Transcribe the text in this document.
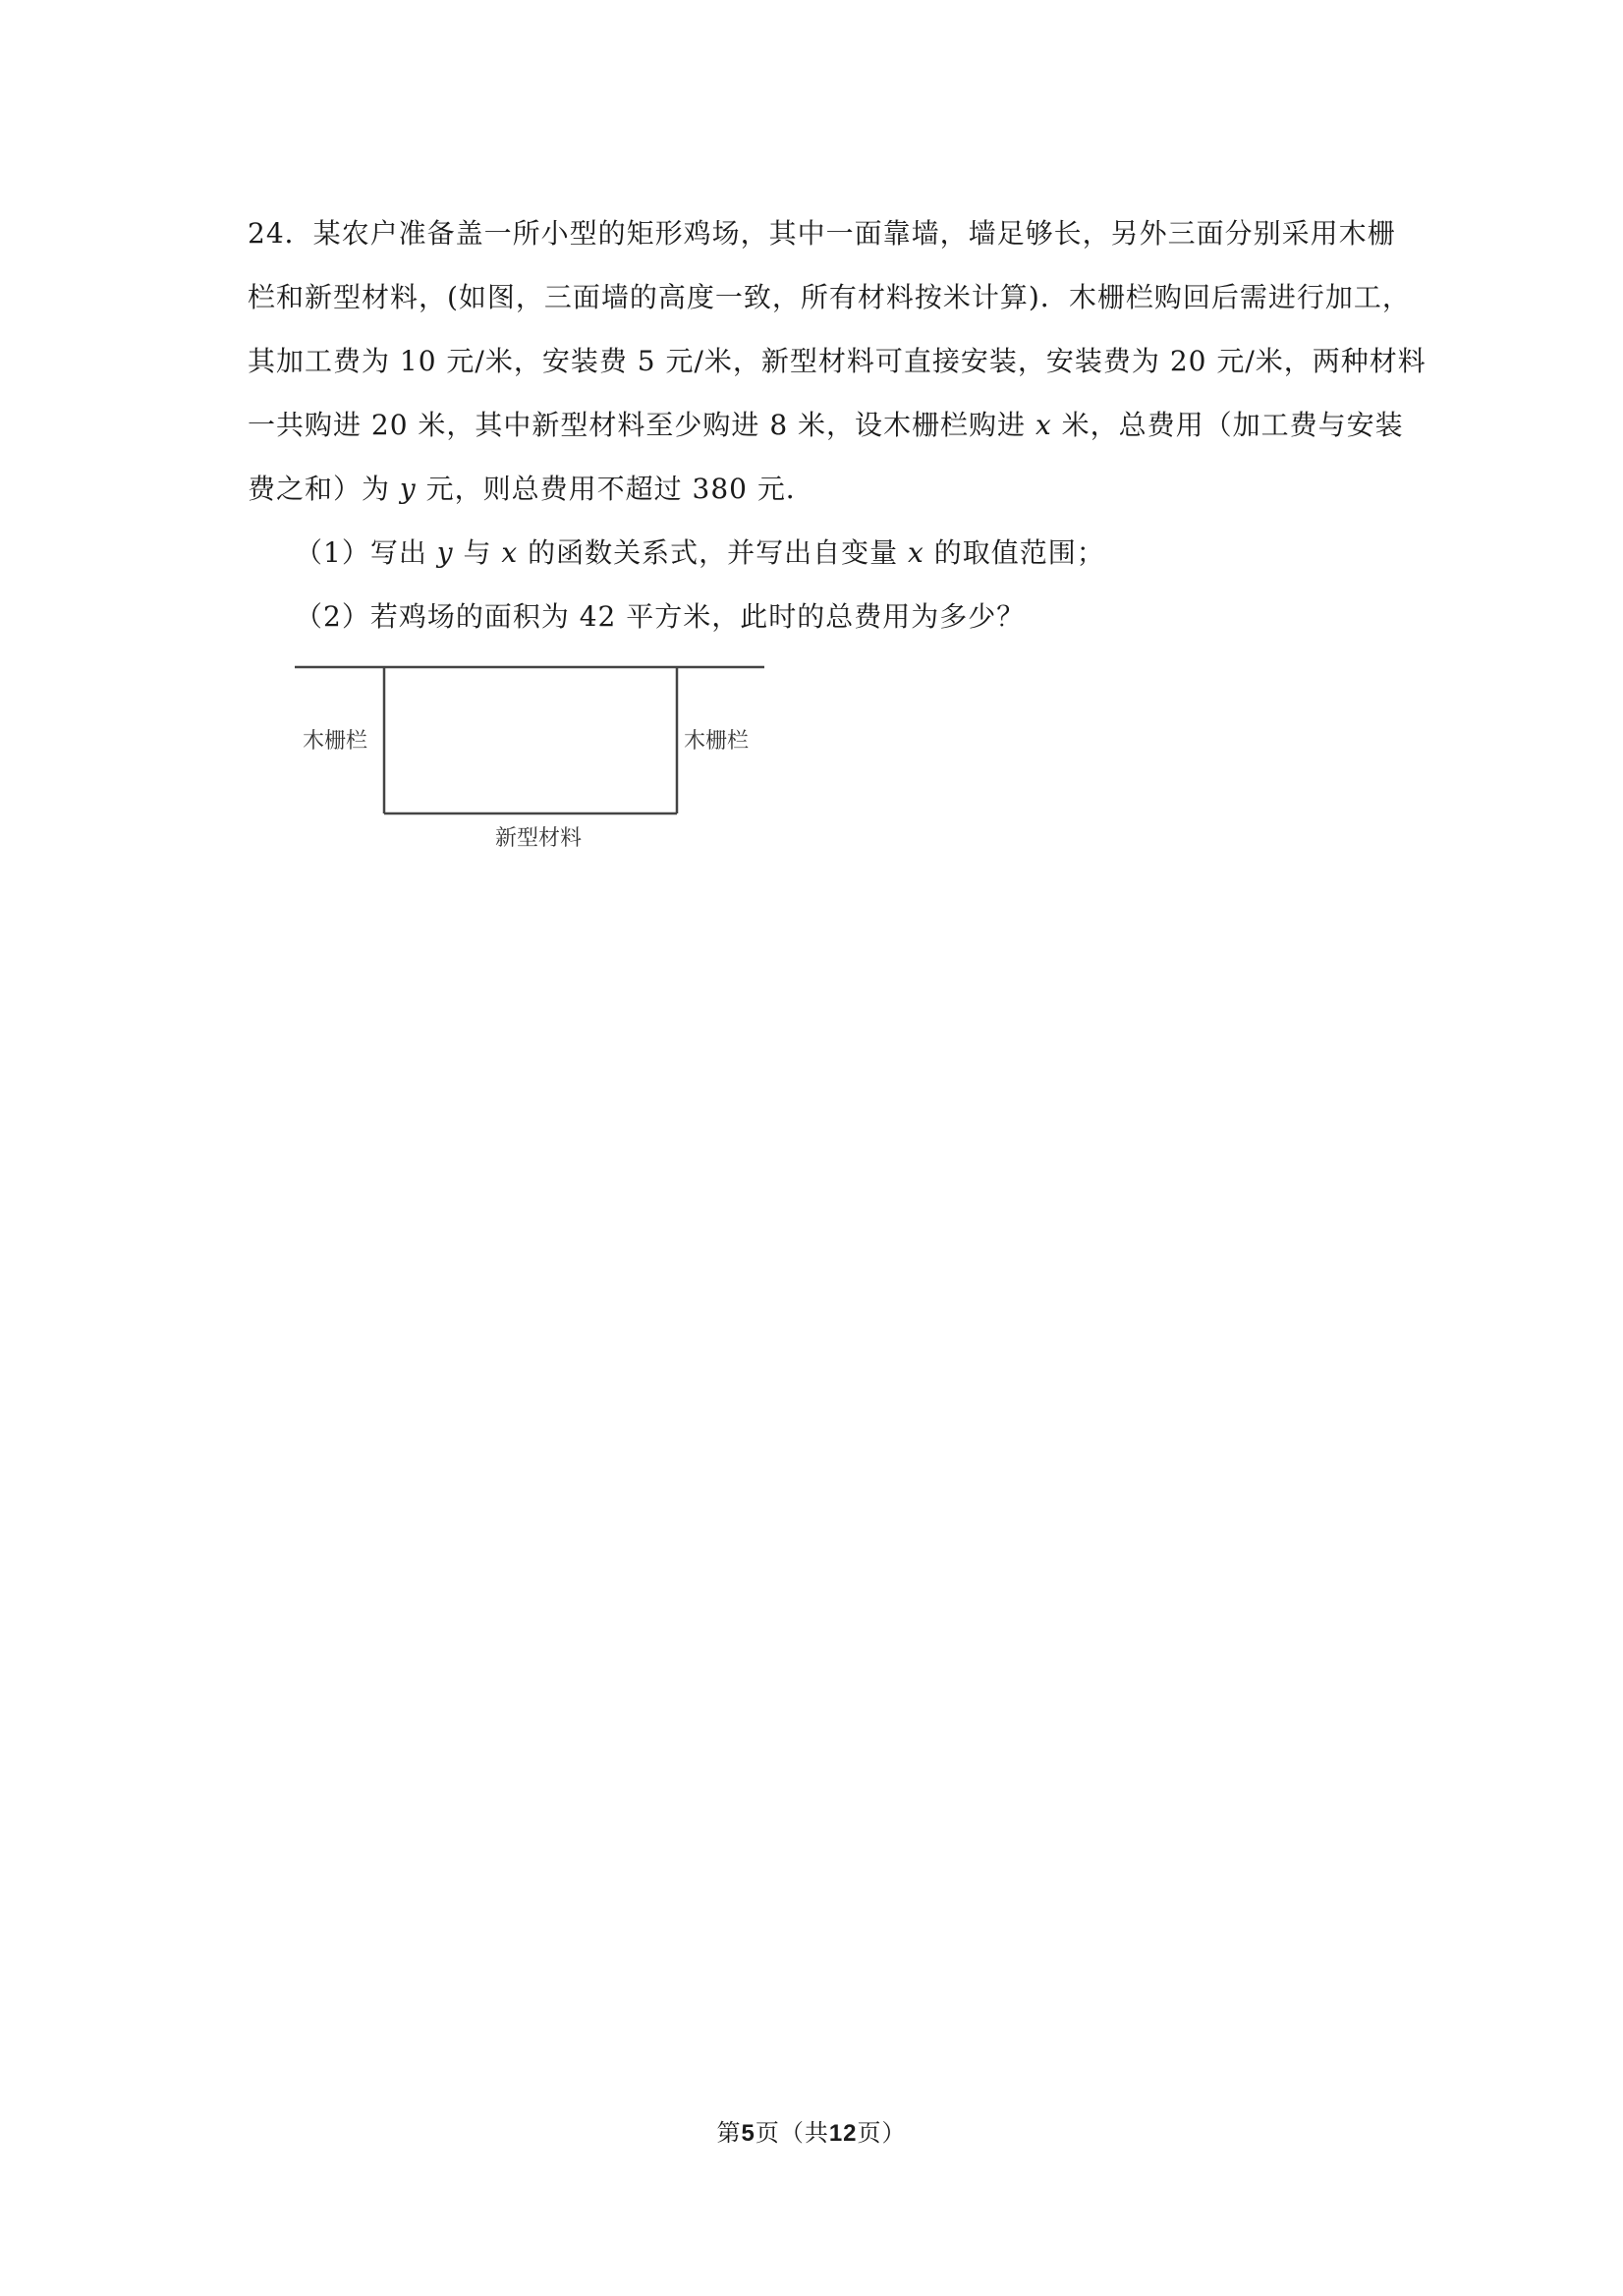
24．某农户准备盖一所小型的矩形鸡场，其中一面靠墙，墙足够长，另外三面分别采用木栅
栏和新型材料，(如图，三面墙的高度一致，所有材料按米计算)．木栅栏购回后需进行加工，
其加工费为 10 元/米，安装费 5 元/米，新型材料可直接安装，安装费为 20 元/米，两种材料
一共购进 20 米，其中新型材料至少购进 8 米，设木栅栏购进 x 米，总费用（加工费与安装
费之和）为 y 元，则总费用不超过 380 元．

（1）写出 y 与 x 的函数关系式，并写出自变量 x 的取值范围；

（2）若鸡场的面积为 42 平方米，此时的总费用为多少？

木栅栏	木栅栏
新型材料
第5页（共12页）
